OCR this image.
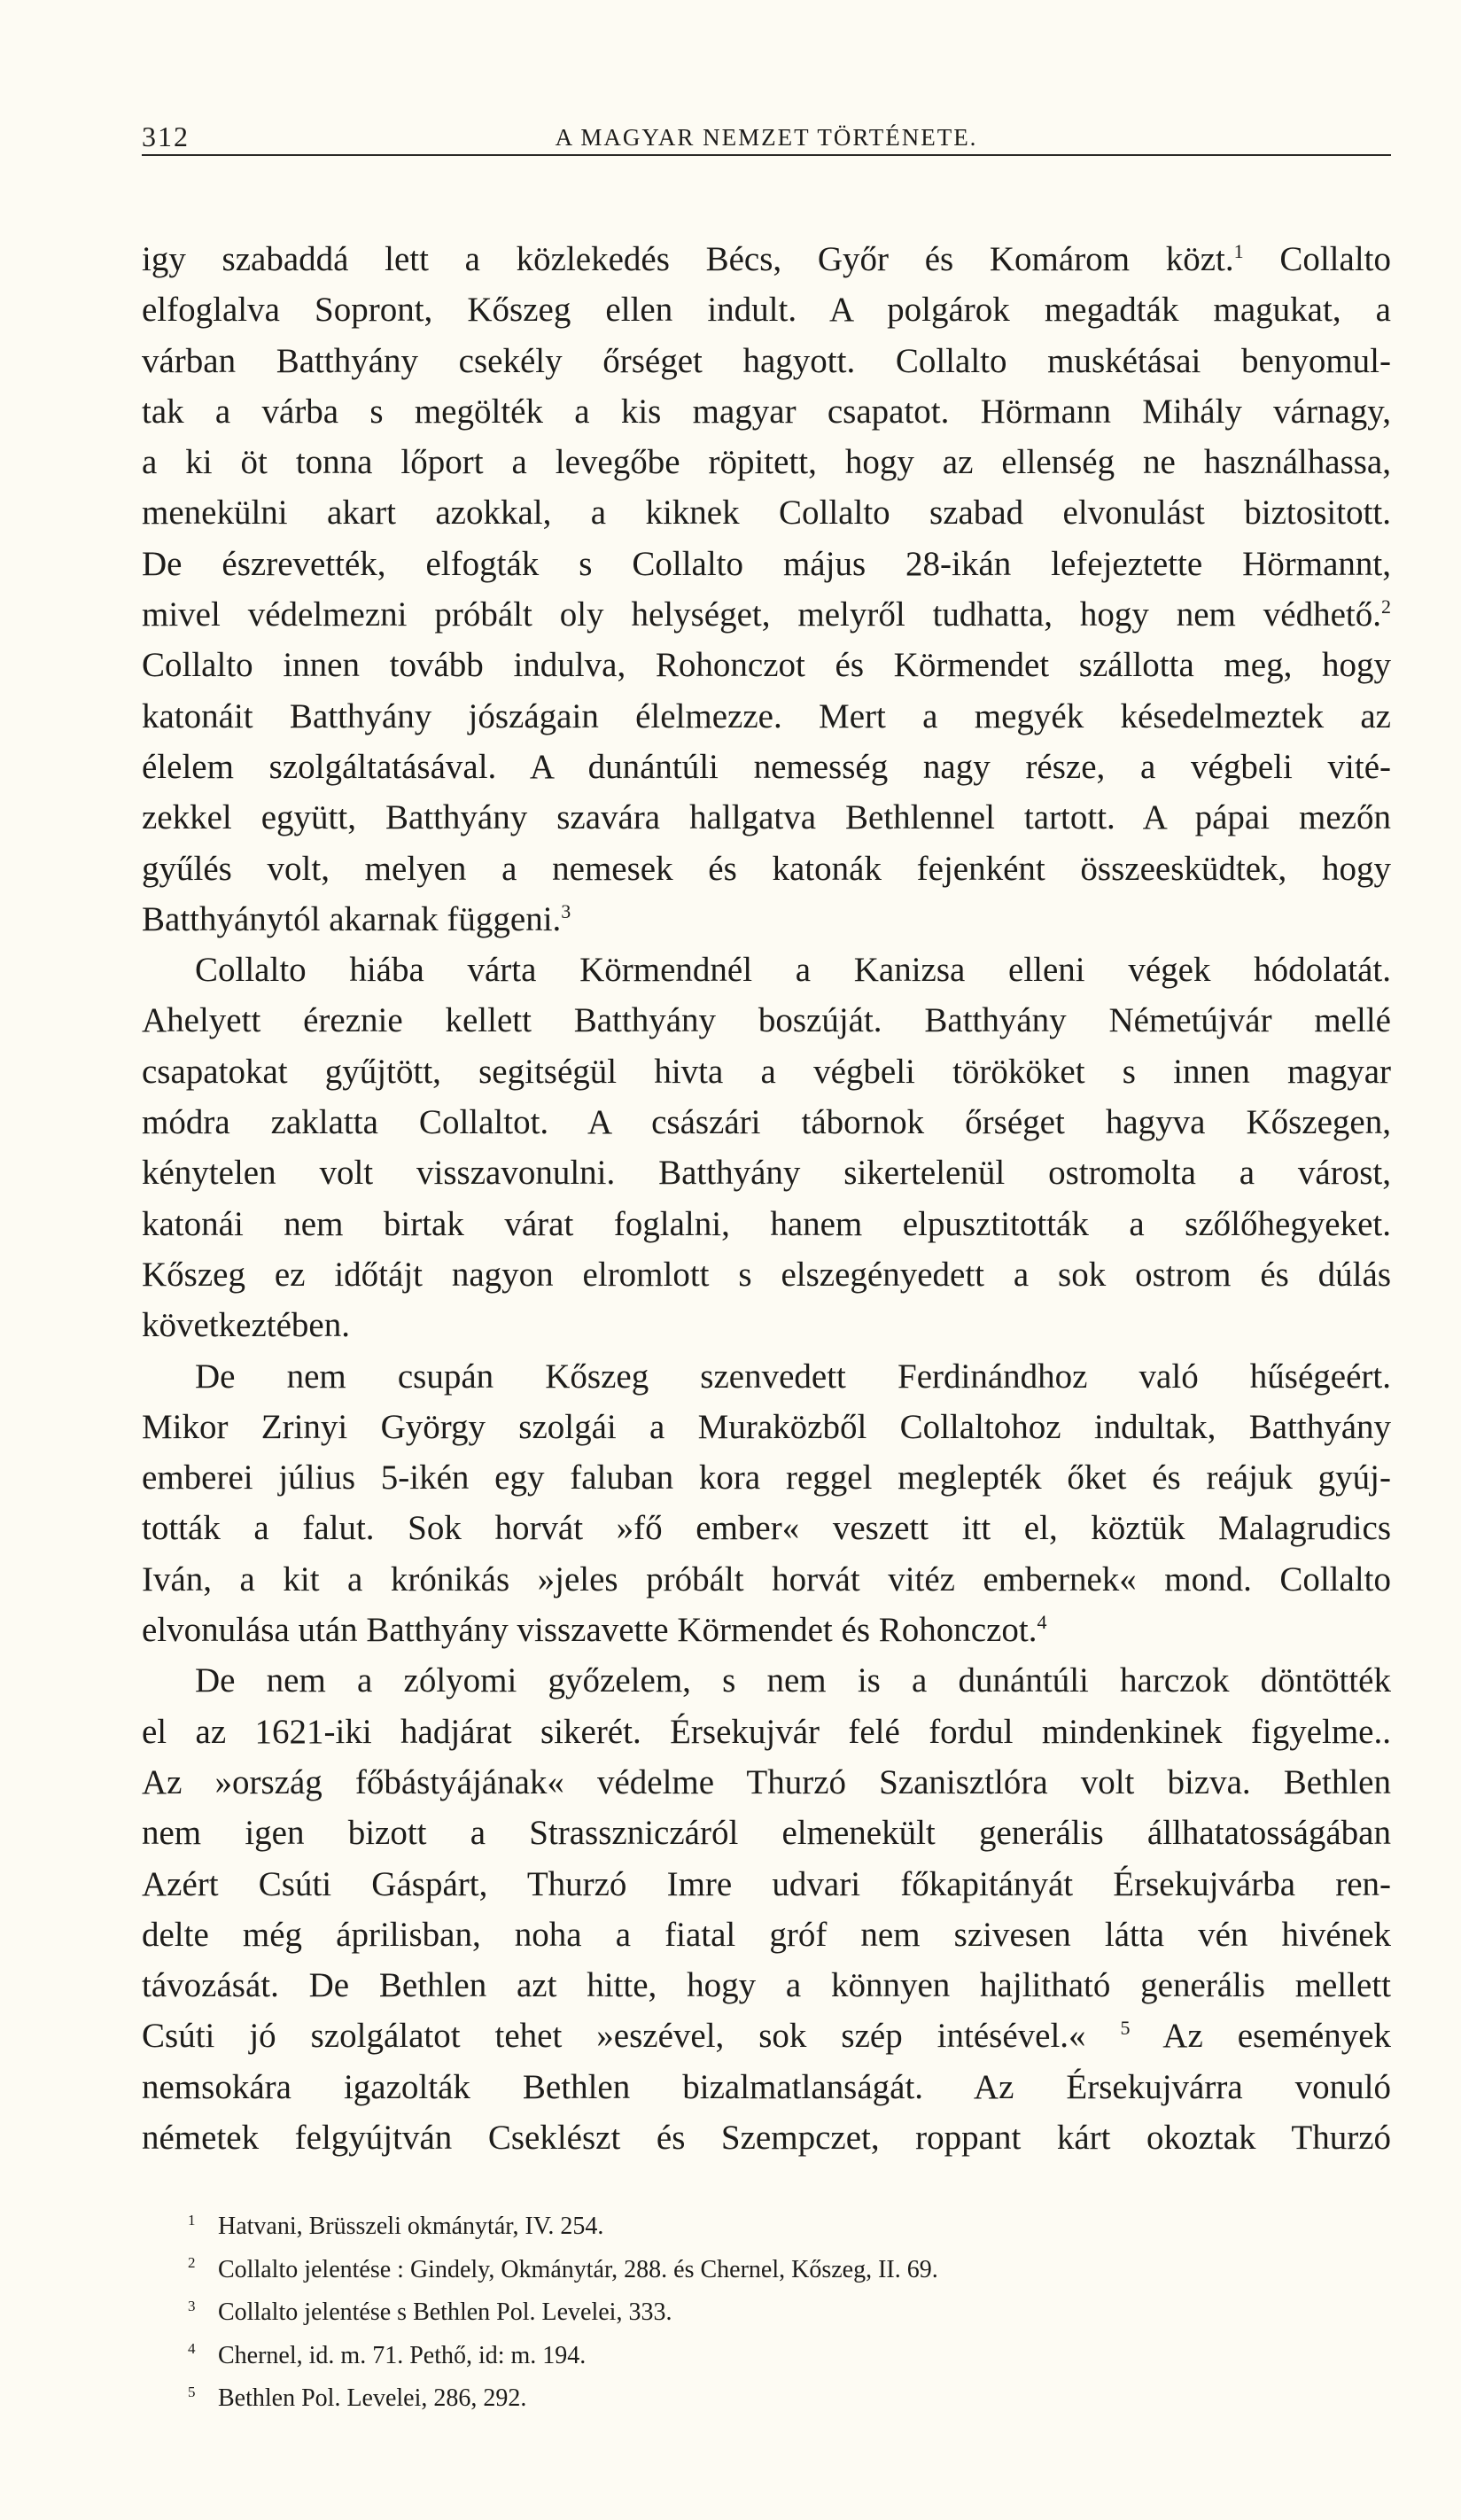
312	A MAGYAR NEMZET TÖRTÉNETE.
igy szabaddá lett a közlekedés Bécs, Győr és Komárom közt.$^1$ Collalto
elfoglalva Sopront, Kőszeg ellen indult. A polgárok megadták magukat, a
várban Batthyány csekély őrséget hagyott. Collalto muskétásai benyomul-
tak a várba s megölték a kis magyar csapatot. Hörmann Mihály várnagy,
a ki öt tonna lőport a levegőbe röpitett, hogy az ellenség ne használhassa,
menekülni akart azokkal, a kiknek Collalto szabad elvonulást biztositott.
De észrevették, elfogták s Collalto május 28-ikán lefejeztette Hörmannt,
mivel védelmezni próbált oly helységet, melyről tudhatta, hogy nem védhető.$^2$
Collalto innen tovább indulva, Rohonczot és Körmendet szállotta meg, hogy
katonáit Batthyány jószágain élelmezze. Mert a megyék késedelmeztek az
élelem szolgáltatásával. A dunántúli nemesség nagy része, a végbeli vité-
zekkel együtt, Batthyány szavára hallgatva Bethlennel tartott. A pápai mezőn
gyűlés volt, melyen a nemesek és katonák fejenként összeesküdtek, hogy
Batthyánytól akarnak függeni.$^3$
Collalto hiába várta Körmendnél a Kanizsa elleni végek hódolatát.
Ahelyett éreznie kellett Batthyány boszúját. Batthyány Németújvár mellé
csapatokat gyűjtött, segitségül hivta a végbeli törököket s innen magyar
módra zaklatta Collaltot. A császári tábornok őrséget hagyva Kőszegen,
kénytelen volt visszavonulni. Batthyány sikertelenül ostromolta a várost,
katonái nem birtak várat foglalni, hanem elpusztitották a szőlőhegyeket.
Kőszeg ez időtájt nagyon elromlott s elszegényedett a sok ostrom és dúlás
következtében.
De nem csupán Kőszeg szenvedett Ferdinándhoz való hűségeért.
Mikor Zrinyi György szolgái a Muraközből Collaltohoz indultak, Batthyány
emberei július 5-ikén egy faluban kora reggel meglepték őket és reájuk gyúj-
tották a falut. Sok horvát »fő ember« veszett itt el, köztük Malagrudics
Iván, a kit a krónikás »jeles próbált horvát vitéz embernek« mond. Collalto
elvonulása után Batthyány visszavette Körmendet és Rohonczot.$^4$
De nem a zólyomi győzelem, s nem is a dunántúli harczok döntötték
el az 1621-iki hadjárat sikerét. Érsekujvár felé fordul mindenkinek figyelme..
Az »ország főbástyájának« védelme Thurzó Szanisztlóra volt bizva. Bethlen
nem igen bizott a Strasszniczáról elmenekült generális állhatatosságában
Azért Csúti Gáspárt, Thurzó Imre udvari főkapitányát Érsekujvárba ren-
delte még áprilisban, noha a fiatal gróf nem szivesen látta vén hivének
távozását. De Bethlen azt hitte, hogy a könnyen hajlitható generális mellett
Csúti jó szolgálatot tehet »eszével, sok szép intésével.« $^5$ Az események
nemsokára igazolták Bethlen bizalmatlanságát. Az Érsekujvárra vonuló
németek felgyújtván Cseklészt és Szempczet, roppant kárt okoztak Thurzó
1 Hatvani, Brüsszeli okmánytár, IV. 254.
2 Collalto jelentése : Gindely, Okmánytár, 288. és Chernel, Kőszeg, II. 69.
3 Collalto jelentése s Bethlen Pol. Levelei, 333.
4 Chernel, id. m. 71. Pethő, id: m. 194.
5 Bethlen Pol. Levelei, 286, 292.
